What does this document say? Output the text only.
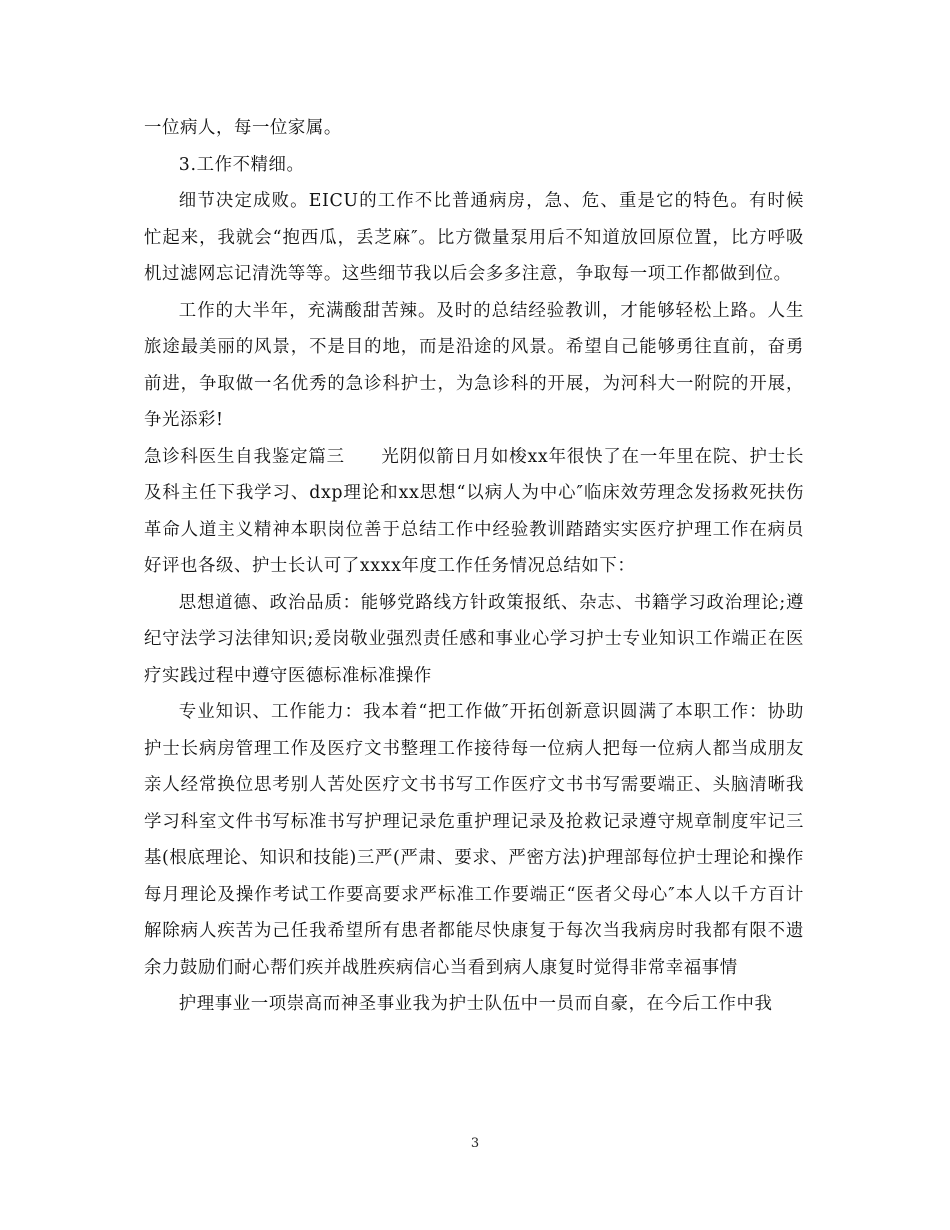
一位病人，每一位家属。

3.工作不精细。

细节决定成败。EICU的工作不比普通病房，急、危、重是它的特色。有时候忙起来，我就会“抱西瓜，丢芝麻″。比方微量泵用后不知道放回原位置，比方呼吸机过滤网忘记清洗等等。这些细节我以后会多多注意，争取每一项工作都做到位。

工作的大半年，充满酸甜苦辣。及时的总结经验教训，才能够轻松上路。人生旅途最美丽的风景，不是目的地，而是沿途的风景。希望自己能够勇往直前，奋勇前进，争取做一名优秀的急诊科护士，为急诊科的开展，为河科大一附院的开展，争光添彩!

急诊科医生自我鉴定篇三　　光阴似箭日月如梭xx年很快了在一年里在院、护士长及科主任下我学习、dxp理论和xx思想“以病人为中心″临床效劳理念发扬救死扶伤革命人道主义精神本职岗位善于总结工作中经验教训踏踏实实医疗护理工作在病员好评也各级、护士长认可了xxxx年度工作任务情况总结如下：

思想道德、政治品质：能够党路线方针政策报纸、杂志、书籍学习政治理论;遵纪守法学习法律知识;爰岗敬业强烈责任感和事业心学习护士专业知识工作端正在医疗实践过程中遵守医德标准标准操作

专业知识、工作能力：我本着“把工作做″开拓创新意识圆满了本职工作：协助护士长病房管理工作及医疗文书整理工作接待每一位病人把每一位病人都当成朋友亲人经常换位思考别人苦处医疗文书书写工作医疗文书书写需要端正、头脑清晰我学习科室文件书写标准书写护理记录危重护理记录及抢救记录遵守规章制度牢记三基(根底理论、知识和技能)三严(严肃、要求、严密方法)护理部每位护士理论和操作每月理论及操作考试工作要高要求严标准工作要端正“医者父母心″本人以千方百计解除病人疾苦为己任我希望所有患者都能尽快康复于每次当我病房时我都有限不遗余力鼓励们耐心帮们疾并战胜疾病信心当看到病人康复时觉得非常幸福事情

护理事业一项崇高而神圣事业我为护士队伍中一员而自豪，在今后工作中我

3
